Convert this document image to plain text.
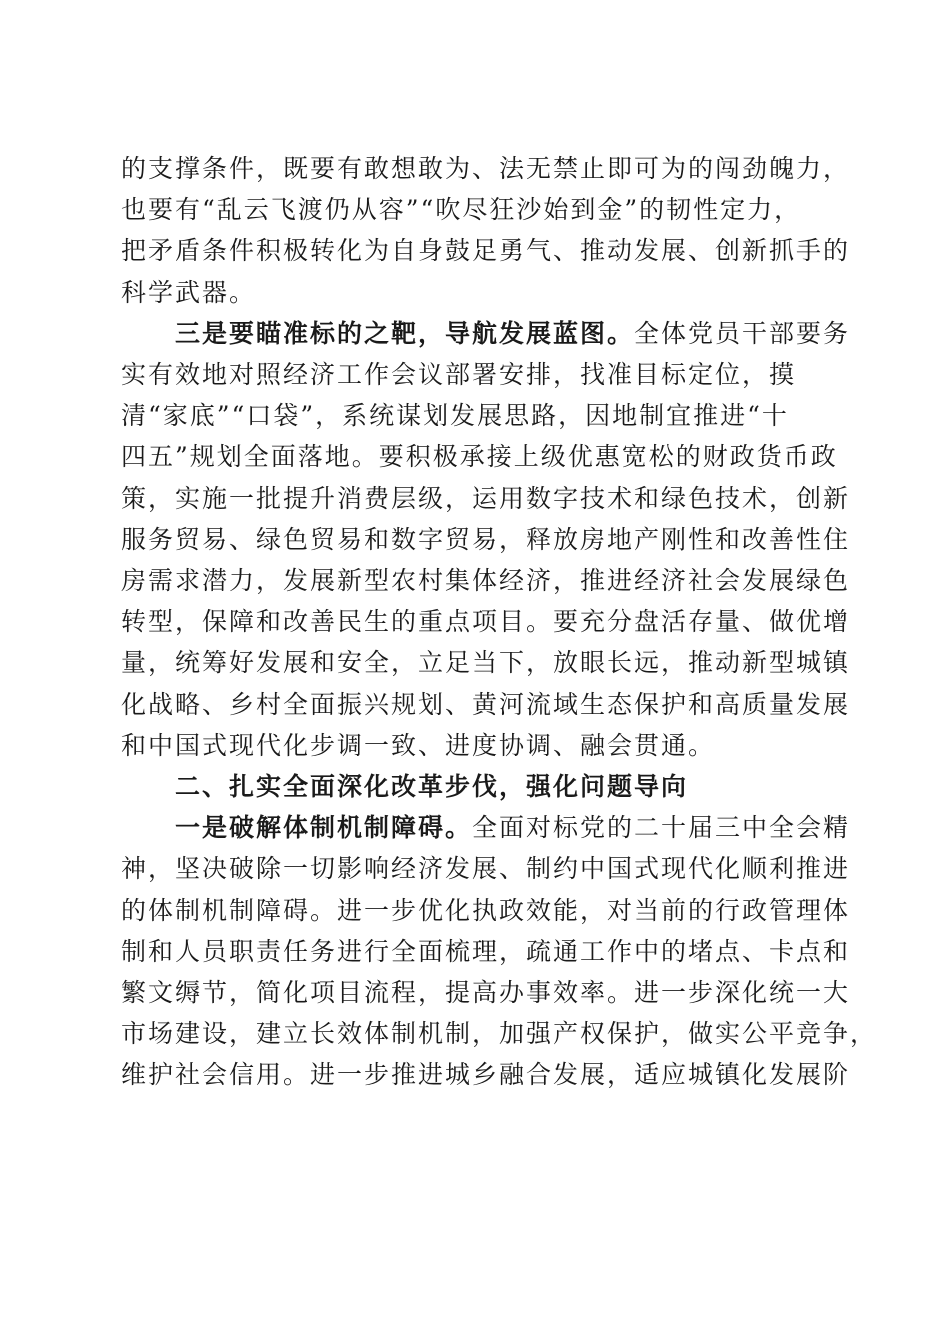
的支撑条件，既要有敢想敢为、法无禁止即可为的闯劲魄力，
也要有“乱云飞渡仍从容”“吹尽狂沙始到金”的韧性定力，
把矛盾条件积极转化为自身鼓足勇气、推动发展、创新抓手的
科学武器。
三是要瞄准标的之靶，导航发展蓝图。全体党员干部要务
实有效地对照经济工作会议部署安排，找准目标定位，摸
清“家底”“口袋”，系统谋划发展思路，因地制宜推进“十
四五”规划全面落地。要积极承接上级优惠宽松的财政货币政
策，实施一批提升消费层级，运用数字技术和绿色技术，创新
服务贸易、绿色贸易和数字贸易，释放房地产刚性和改善性住
房需求潜力，发展新型农村集体经济，推进经济社会发展绿色
转型，保障和改善民生的重点项目。要充分盘活存量、做优增
量，统筹好发展和安全，立足当下，放眼长远，推动新型城镇
化战略、乡村全面振兴规划、黄河流域生态保护和高质量发展
和中国式现代化步调一致、进度协调、融会贯通。
二、扎实全面深化改革步伐，强化问题导向
一是破解体制机制障碍。全面对标党的二十届三中全会精
神，坚决破除一切影响经济发展、制约中国式现代化顺利推进
的体制机制障碍。进一步优化执政效能，对当前的行政管理体
制和人员职责任务进行全面梳理，疏通工作中的堵点、卡点和
繁文缛节，简化项目流程，提高办事效率。进一步深化统一大
市场建设，建立长效体制机制，加强产权保护，做实公平竞争，
维护社会信用。进一步推进城乡融合发展，适应城镇化发展阶
